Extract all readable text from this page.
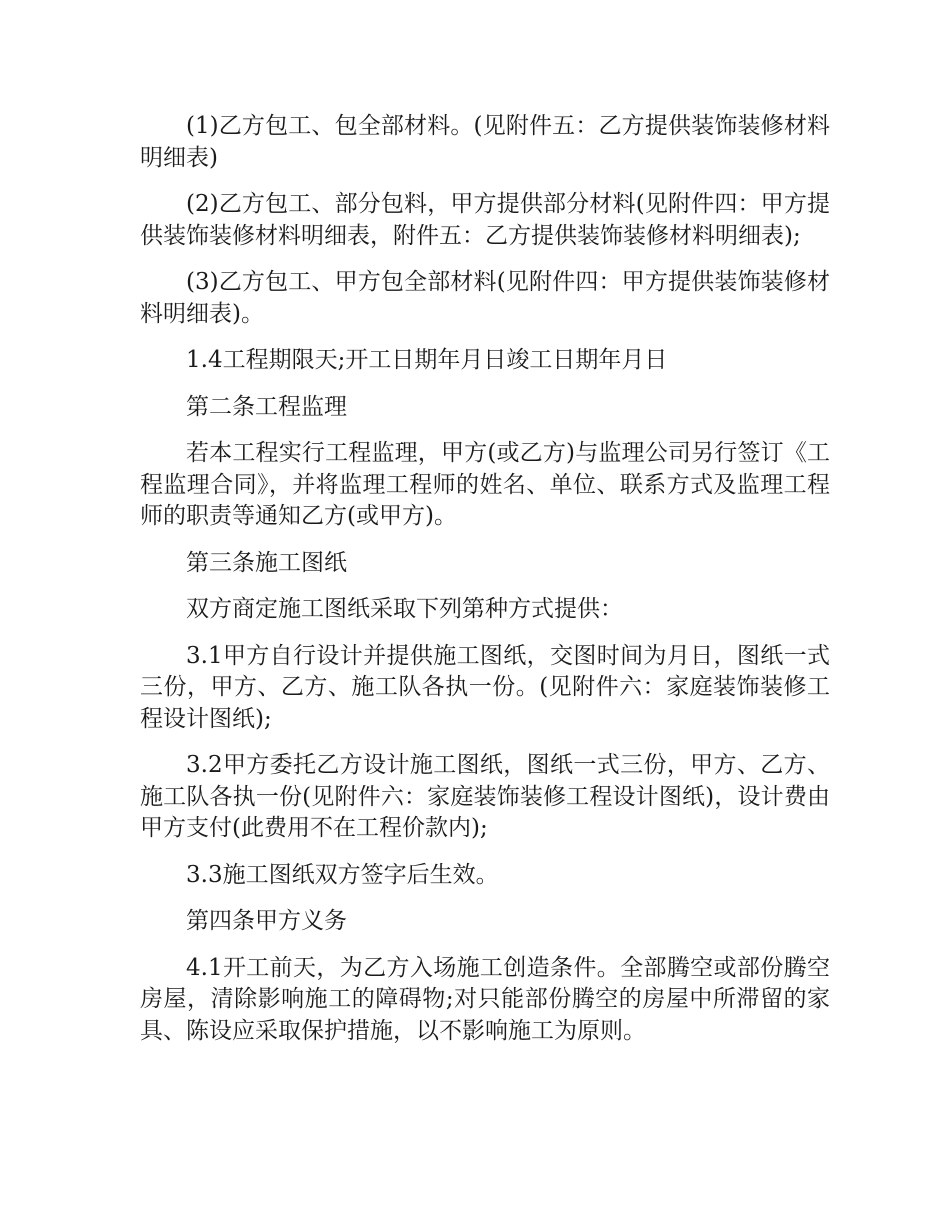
(1)乙方包工、包全部材料。(见附件五：乙方提供装饰装修材料明细表)

(2)乙方包工、部分包料，甲方提供部分材料(见附件四：甲方提供装饰装修材料明细表，附件五：乙方提供装饰装修材料明细表);

(3)乙方包工、甲方包全部材料(见附件四：甲方提供装饰装修材料明细表)。

1.4工程期限天;开工日期年月日竣工日期年月日

第二条工程监理

若本工程实行工程监理，甲方(或乙方)与监理公司另行签订《工程监理合同》，并将监理工程师的姓名、单位、联系方式及监理工程师的职责等通知乙方(或甲方)。

第三条施工图纸

双方商定施工图纸采取下列第种方式提供：

3.1甲方自行设计并提供施工图纸，交图时间为月日，图纸一式三份，甲方、乙方、施工队各执一份。(见附件六：家庭装饰装修工程设计图纸);

3.2甲方委托乙方设计施工图纸，图纸一式三份，甲方、乙方、施工队各执一份(见附件六：家庭装饰装修工程设计图纸)，设计费由甲方支付(此费用不在工程价款内);

3.3施工图纸双方签字后生效。

第四条甲方义务

4.1开工前天，为乙方入场施工创造条件。全部腾空或部份腾空房屋，清除影响施工的障碍物;对只能部份腾空的房屋中所滞留的家具、陈设应采取保护措施，以不影响施工为原则。
